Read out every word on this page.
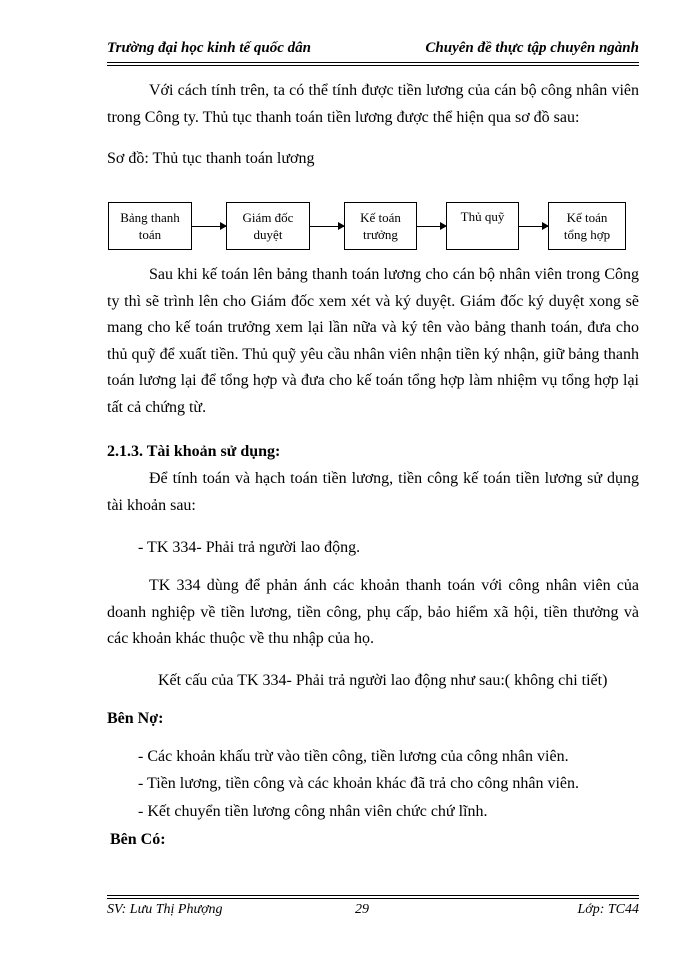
Trường đại học kinh tế quốc dân	Chuyên đề thực tập chuyên ngành

Với cách tính trên, ta có thể tính được tiền lương của cán bộ công nhân viên trong Công ty. Thủ tục thanh toán tiền lương được thể hiện qua sơ đồ sau:

Sơ đồ: Thủ tục thanh toán lương

Bảng thanh
toán
Giám đốc
duyệt
Kế toán
trưởng
Thủ quỹ	Kế toán
tổng hợp

Sau khi kế toán lên bảng thanh toán lương cho cán bộ nhân viên trong Công ty thì sẽ trình lên cho Giám đốc xem xét và ký duyệt. Giám đốc ký duyệt xong sẽ mang cho kế toán trưởng xem lại lần nữa và ký tên vào bảng thanh toán, đưa cho thủ quỹ để xuất tiền. Thủ quỹ yêu cầu nhân viên nhận tiền ký nhận, giữ bảng thanh toán lương lại để tổng hợp và đưa cho kế toán tổng hợp làm nhiệm vụ tổng hợp lại tất cả chứng từ.

2.1.3. Tài khoản sử dụng:

Để tính toán và hạch toán tiền lương, tiền công kế toán tiền lương sử dụng tài khoản sau:

- TK 334- Phải trả người lao động.

TK 334 dùng để phản ánh các khoản thanh toán với công nhân viên của doanh nghiệp về tiền lương, tiền công, phụ cấp, bảo hiểm xã hội, tiền thưởng và các khoản khác thuộc về thu nhập của họ.

Kết cấu của TK 334- Phải trả người lao động như sau:( không chi tiết)

Bên Nợ:

- Các khoản khấu trừ vào tiền công, tiền lương của công nhân viên.

- Tiền lương, tiền công và các khoản khác đã trả cho công nhân viên.

- Kết chuyển tiền lương công nhân viên chức chứ lĩnh.

Bên Có:

SV: Lưu Thị Phượng	29	Lớp: TC44
